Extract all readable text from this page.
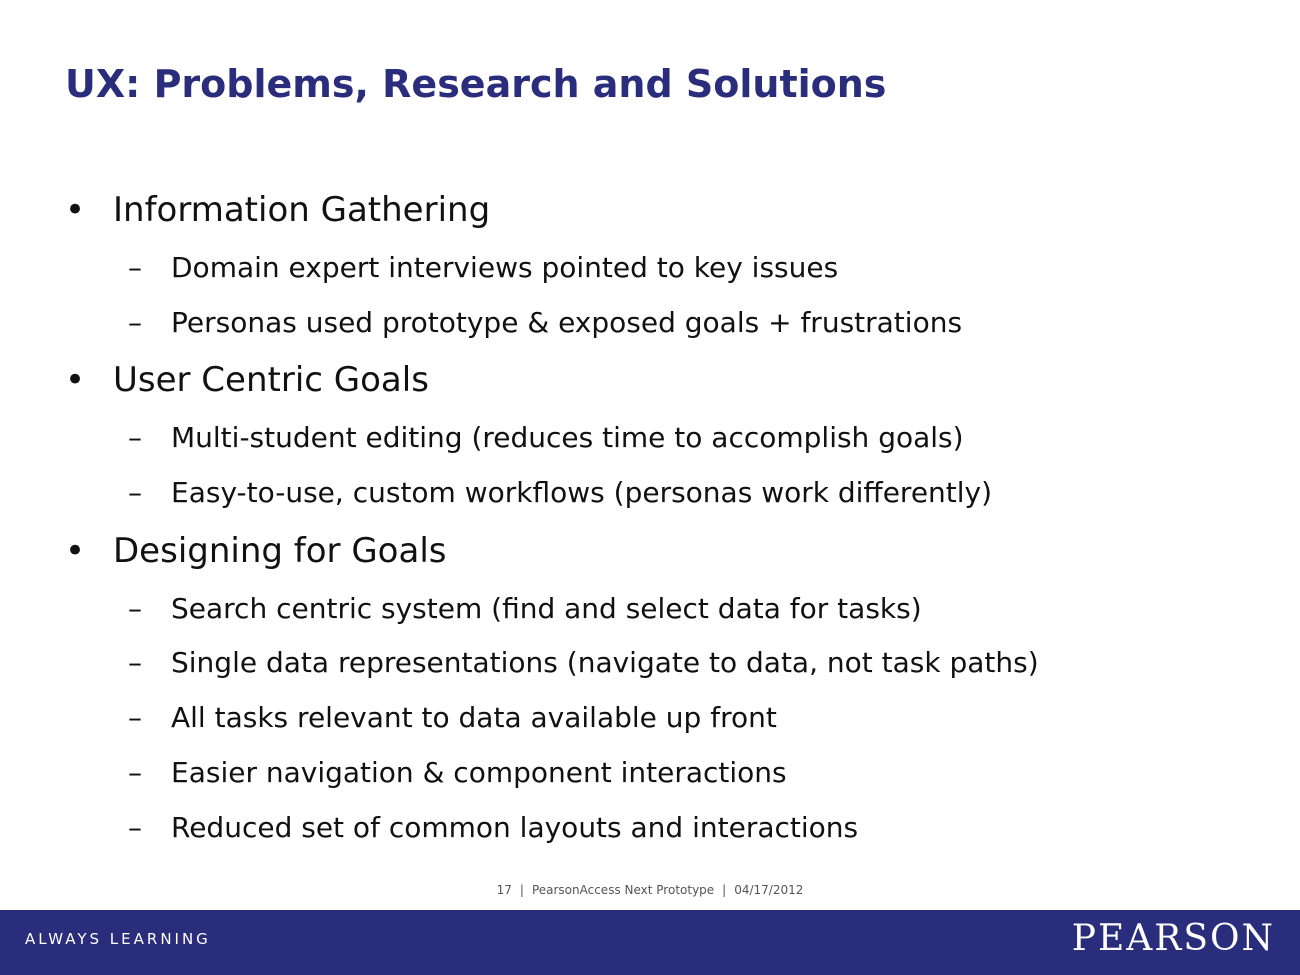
UX: Problems, Research and Solutions
• Information Gathering
– Domain expert interviews pointed to key issues
– Personas used prototype & exposed goals + frustrations
• User Centric Goals
– Multi-student editing (reduces time to accomplish goals)
– Easy-to-use, custom workflows (personas work differently)
• Designing for Goals
– Search centric system (find and select data for tasks)
– Single data representations (navigate to data, not task paths)
– All tasks relevant to data available up front
– Easier navigation & component interactions
– Reduced set of common layouts and interactions
17 | PearsonAccess Next Prototype | 04/17/2012
ALWAYS LEARNING	PEARSON
